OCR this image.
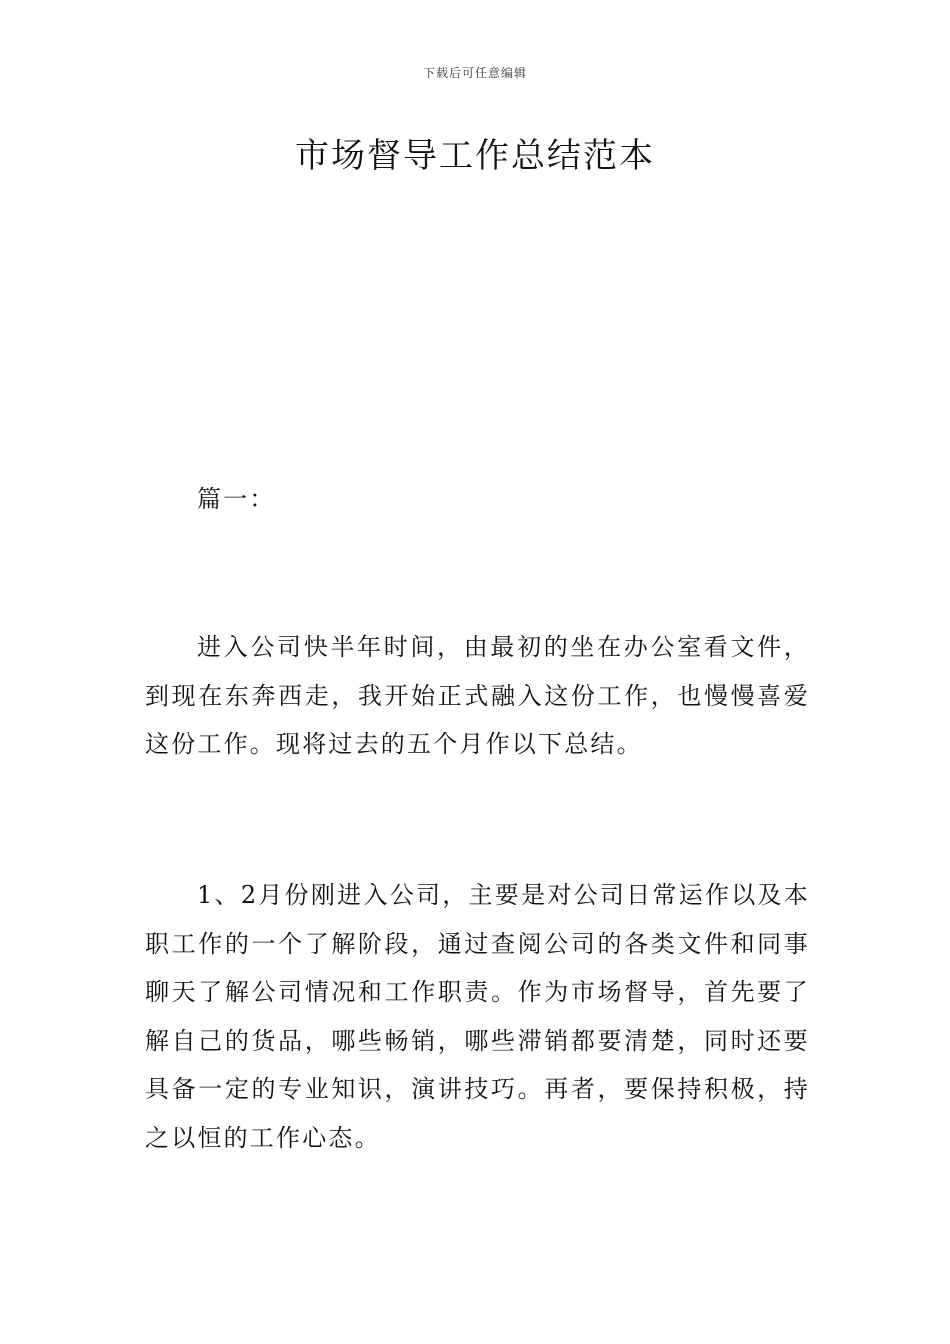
下载后可任意编辑
市场督导工作总结范本

篇一：

进入公司快半年时间，由最初的坐在办公室看文件，到现在东奔西走，我开始正式融入这份工作，也慢慢喜爱这份工作。现将过去的五个月作以下总结。

1、2月份刚进入公司，主要是对公司日常运作以及本职工作的一个了解阶段，通过查阅公司的各类文件和同事聊天了解公司情况和工作职责。作为市场督导，首先要了解自己的货品，哪些畅销，哪些滞销都要清楚，同时还要具备一定的专业知识，演讲技巧。再者，要保持积极，持之以恒的工作心态。
